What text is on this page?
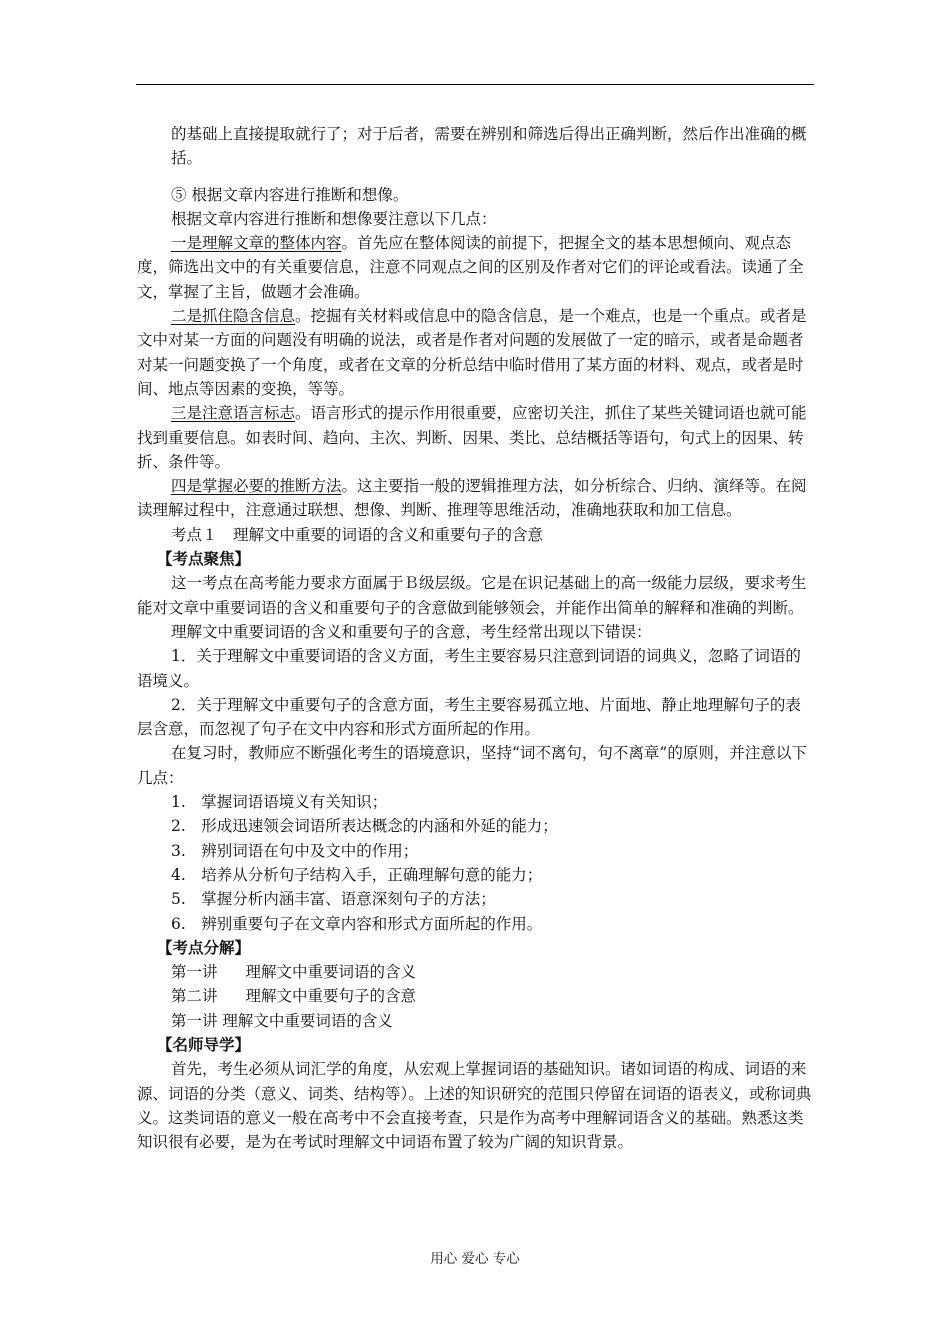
的基础上直接提取就行了；对于后者，需要在辨别和筛选后得出正确判断，然后作出准确的概括。

⑤ 根据文章内容进行推断和想像。

根据文章内容进行推断和想像要注意以下几点：

一是理解文章的整体内容。首先应在整体阅读的前提下，把握全文的基本思想倾向、观点态度，筛选出文中的有关重要信息，注意不同观点之间的区别及作者对它们的评论或看法。读通了全文，掌握了主旨，做题才会准确。

二是抓住隐含信息。挖掘有关材料或信息中的隐含信息，是一个难点，也是一个重点。或者是文中对某一方面的问题没有明确的说法，或者是作者对问题的发展做了一定的暗示，或者是命题者对某一问题变换了一个角度，或者在文章的分析总结中临时借用了某方面的材料、观点，或者是时间、地点等因素的变换，等等。

三是注意语言标志。语言形式的提示作用很重要，应密切关注，抓住了某些关键词语也就可能找到重要信息。如表时间、趋向、主次、判断、因果、类比、总结概括等语句，句式上的因果、转折、条件等。

四是掌握必要的推断方法。这主要指一般的逻辑推理方法，如分析综合、归纳、演绎等。在阅读理解过程中，注意通过联想、想像、判断、推理等思维活动，准确地获取和加工信息。

考点１　理解文中重要的词语的含义和重要句子的含意

【考点聚焦】

这一考点在高考能力要求方面属于Ｂ级层级。它是在识记基础上的高一级能力层级，要求考生能对文章中重要词语的含义和重要句子的含意做到能够领会，并能作出简单的解释和准确的判断。

理解文中重要词语的含义和重要句子的含意，考生经常出现以下错误：

1．关于理解文中重要词语的含义方面，考生主要容易只注意到词语的词典义，忽略了词语的语境义。

2．关于理解文中重要句子的含意方面，考生主要容易孤立地、片面地、静止地理解句子的表层含意，而忽视了句子在文中内容和形式方面所起的作用。

在复习时，教师应不断强化考生的语境意识，坚持“词不离句，句不离章”的原则，并注意以下几点：

1.　掌握词语语境义有关知识；

2.　形成迅速领会词语所表达概念的内涵和外延的能力；

3.　辨别词语在句中及文中的作用；

4.　培养从分析句子结构入手，正确理解句意的能力；

5.　掌握分析内涵丰富、语意深刻句子的方法；

6.　辨别重要句子在文章内容和形式方面所起的作用。

【考点分解】

第一讲 理解文中重要词语的含义

第二讲 理解文中重要句子的含意

第一讲 理解文中重要词语的含义

【名师导学】

首先，考生必须从词汇学的角度，从宏观上掌握词语的基础知识。诸如词语的构成、词语的来源、词语的分类（意义、词类、结构等）。上述的知识研究的范围只停留在词语的语表义，或称词典义。这类词语的意义一般在高考中不会直接考查，只是作为高考中理解词语含义的基础。熟悉这类知识很有必要，是为在考试时理解文中词语布置了较为广阔的知识背景。

用心 爱心 专心
